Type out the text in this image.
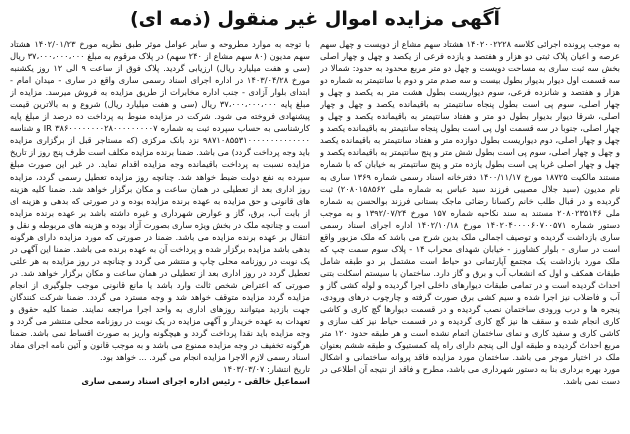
آگهی مزایده اموال غیر منقول (ذمه ای)

به موجب پرونده اجرائی کلاسه ۱۴۰۲۰۰۲۲۲۸ هشتاد سهم مشاع از دویست و چهل سهم عرصه و اعیان پلاک ثبتی دو هزار و هفتصد و یازده فرعی از یکصد و چهل و چهار اصلی بخش سه ثبت ساری به مساحت دویست و چهل دو متر مربع محدود به حدود: شمالا در سه قسمت اول دیوار بدیوار بطول بیست و سه صدم متر و دوم با سانتیمتر به شماره دو هزار و هفتصد و شانزده فرعی، سوم دیواریست بطول هشت متر به یکصد و چهل و چهار اصلی، سوم پی است بطول پنجاه سانتیمتر به باقیمانده یکصد و چهل و چهار اصلی، شرقا دیوار بدیوار بطول دو متر و هفتاد سانتیمتر به باقیمانده یکصد و چهل و چهار اصلی، جنوبا در سه قسمت اول پی است بطول پنجاه سانتیمتر به باقیمانده یکصد و چهل و چهار اصلی، دوم دیواریست بطول دوازده متر و هفتاد سانتیمتر به باقیمانده یکصد و چهل و چهار اصلی، سوم پی است بطول شش متر و پنج سانتیمتر به باقیمانده یکصد و چهل و چهار اصلی غربا پی است بطول یازده متر و پنج سانتیمتر به خیابان که با شماره مستند مالکیت ۱۸۷۲۵ مورخ ۱۴۰۰/۱۱/۱۷ دفترخانه اسناد رسمی شماره ۱۳۶۹ ساری به نام مدیون (سید جلال مصیبی فرزند سید عباس به شماره ملی ۲۰۸۰۱۵۸۵۶۲) ثبت گردیده و در قبال طلب خانم رکسانا رضائی ماجک بستانی فرزند بوالحسن به شماره ملی ۲۰۸۰۲۳۵۱۴۶ مستند به سند نکاحیه شماره ۱۵۷ مورخ ۱۳۹۲/۰۷/۲۴ و به موجب دستور شماره ۱۴۰۲۰۴۰۰۰۰۶۰۷۰۰۵۷۱ مورخ ۱۴۰۲/۱۰/۱۸ اداره اجرای اسناد رسمی ساری بازداشت گردیده و توصیف اجمالی ملک بدین شرح می باشد که ملک مزبور واقع است در ساری - بلوار کشاورز - خیابان شهدای محراب ۱۴ - پلاک سوم سمت چپ که ملک مورد بازداشت یک مجتمع آپارتمانی دو حیاط است مشتمل بر دو طبقه شامل طبقات همکف و اول که انشعاب آب و برق و گاز دارد. ساختمان با سیستم اسکلت بتنی احداث گردیده است و در تمامی طبقات دیوارهای داخلی اجرا گردیده و لوله کشی گاز و آب و فاضلاب نیز اجرا شده و سیم کشی برق صورت گرفته و چارچوب درهای ورودی، پنجره ها و درب ورودی ساختمان نصب گردیده و در قسمت دیوارها گچ کاری و کاشی کاری انجام شده و سقف ها نیز گچ کاری گردیده و در قسمت حیاط نیز کف سازی و کاشی کاری و سفید کاری و نمای ساختمان اتمام نشده است و هر طبقه حدود ۱۲۰ متر مربع احداث گردیده و طبقه اول الی پنجم دارای راه پله کمستیوک و طبقه ششم بعنوان ملک در اختیار موجر می باشد. ساختمان مورد مزایده فاقد پروانه ساختمانی و اشکال مورد بهره برداری بنا به دستور شهرداری می باشد، مطرح و فاقد از نتیجه آن اطلاعی در دست نمی باشد.

با توجه به موارد مطروحه و سایر عوامل موثر طبق نظریه مورخ ۱۴۰۲/۰۱/۲۳ هشتاد سهم مدیون (۸۰ سهم مشاع از ۲۴۰ سهم) در پلاک مرقوم به مبلغ ۳۷،۰۰۰،۰۰۰،۰۰۰ ریال (سی و هفت میلیارد ریال) ارزیابی گردید. پلاک فوق از ساعت ۹ الی ۱۲ روز یکشنبه مورخ ۱۴۰۳/۰۴/۲۸ در اداره اجرای اسناد رسمی ساری واقع در ساری - میدان امام - ابتدای بلوار آزادی - جنب اداره مخابرات از طریق مزایده به فروش میرسد. مزایده از مبلغ پایه ۳۷،۰۰۰،۰۰۰،۰۰۰ ریال (سی و هفت میلیارد ریال) شروع و به بالاترین قیمت پیشنهادی فروخته می شود. شرکت در مزایده منوط به پرداخت ده درصد از مبلغ پایه کارشناسی به حساب سپرده ثبت به شماره ۳۸۶۰۰۰۰۰۰۰۰۲۸۰۰۰۰۰۰۰۰۰۷ IR و شناسه ۹۸۷۱۰۸۵۵۳۱۰۰۰۰۰۰۰۰۰۰۰۰۰۰ نزد بانک مرکزی (که مستاجر قبل از برگزاری مزایده باید وجه پرداخت گردد) می باشد. ضمنا برنده مزایده مکلف است ظرف پنج روز از تاریخ مزایده نسبت به پرداخت باقیمانده وجه مزایده اقدام نماید. در غیر این صورت مبلغ سپرده به نفع دولت ضبط خواهد شد. چنانچه روز مزایده تعطیل رسمی گردد، مزایده روز اداری بعد از تعطیلی در همان ساعت و مکان برگزار خواهد شد. ضمنا کلیه هزینه های قانونی و حق مزایده به عهده برنده مزایده بوده و در صورتی که بدهی و هزینه ای از بابت آب، برق، گاز و عوارض شهرداری و غیره داشته باشد بر عهده برنده مزایده است و چنانچه ملک در بخش ویژه ساری بصورت آزاد بوده و هزینه های مربوطه و نقل و انتقال بر عهده برنده مزایده می باشد. ضمنا در صورتی که مورد مزایده دارای هرگونه بدهی باشد مزایده برگزار شده و پرداخت آن به عهده برنده می باشد. ضمنا این آگهی در یک نوبت در روزنامه محلی چاپ و منتشر می گردد و چنانچه در روز مزایده به هر علتی تعطیل گردد در روز اداری بعد از تعطیلی در همان ساعت و مکان برگزار خواهد شد. در صورتی که اعتراض شخص ثالث وارد باشد یا مانع قانونی موجب جلوگیری از انجام مزایده گردد مزایده متوقف خواهد شد و وجه مسترد می گردد. ضمنا شرکت کنندگان جهت بازدید میتوانند روزهای اداری به واحد اجرا مراجعه نمایند. ضمنا کلیه حقوق و تعهدات به عهده خریدار و آگهی مزایده در یک نوبت در روزنامه محلی منتشر می گردد و وجه مزایده باید نقدا پرداخت گردد و هیچگونه واریز به صورت اقساط نمی باشد. ضمنا هرگونه تخفیف در وجه مزایده ممنوع می باشد و به موجب قانون و آئین نامه اجرای مفاد اسناد رسمی لازم الاجرا مزایده انجام می گیرد. ... خواهد بود.

تاریخ انتشار: ۱۴۰۳/۰۳/۰۷

اسماعیل خالقی - رئیس اداره اجرای اسناد رسمی ساری
